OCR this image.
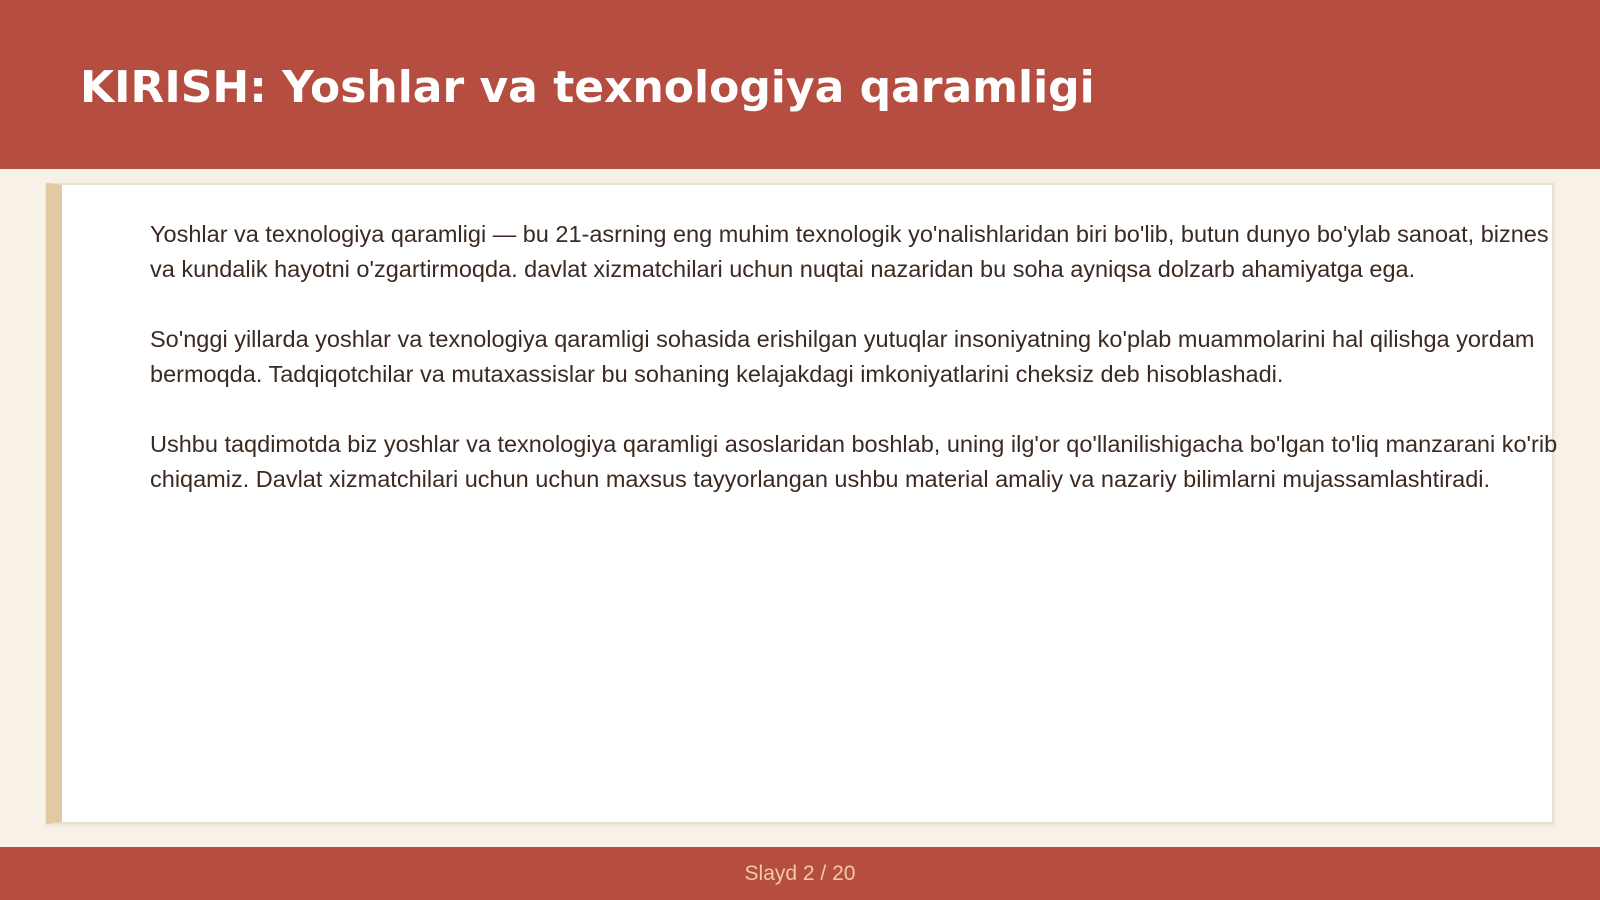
KIRISH: Yoshlar va texnologiya qaramligi

Yoshlar va texnologiya qaramligi — bu 21-asrning eng muhim texnologik yo'nalishlaridan biri bo'lib, butun dunyo bo'ylab sanoat, biznes va kundalik hayotni o'zgartirmoqda. davlat xizmatchilari uchun nuqtai nazaridan bu soha ayniqsa dolzarb ahamiyatga ega.

So'nggi yillarda yoshlar va texnologiya qaramligi sohasida erishilgan yutuqlar insoniyatning ko'plab muammolarini hal qilishga yordam bermoqda. Tadqiqotchilar va mutaxassislar bu sohaning kelajakdagi imkoniyatlarini cheksiz deb hisoblashadi.

Ushbu taqdimotda biz yoshlar va texnologiya qaramligi asoslaridan boshlab, uning ilg'or qo'llanilishigacha bo'lgan to'liq manzarani ko'rib chiqamiz. Davlat xizmatchilari uchun uchun maxsus tayyorlangan ushbu material amaliy va nazariy bilimlarni mujassamlashtiradi.

Slayd 2 / 20
